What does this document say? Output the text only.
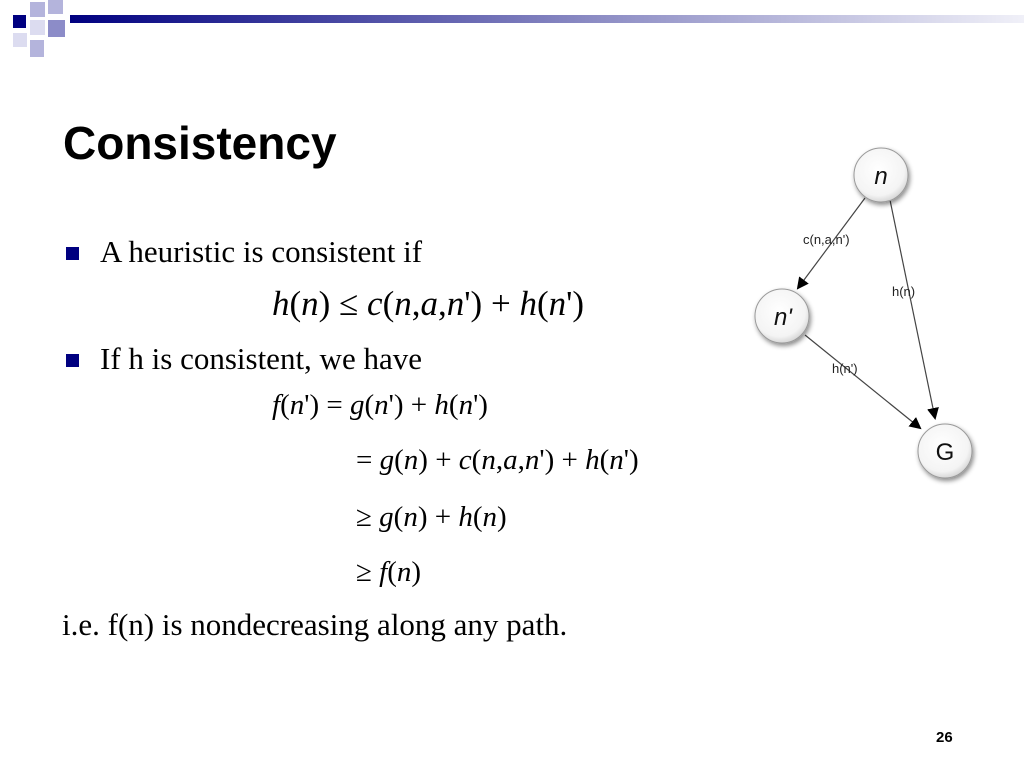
n
n'
G
c(n,a,n')
h(n)
h(n')
Consistency
A heuristic is consistent if
h(n) ≤ c(n,a,n') + h(n')
If h is consistent, we have
f(n') = g(n') + h(n')
= g(n) + c(n,a,n') + h(n')
≥ g(n) + h(n)
≥ f(n)
i.e. f(n) is nondecreasing along any path.
26
